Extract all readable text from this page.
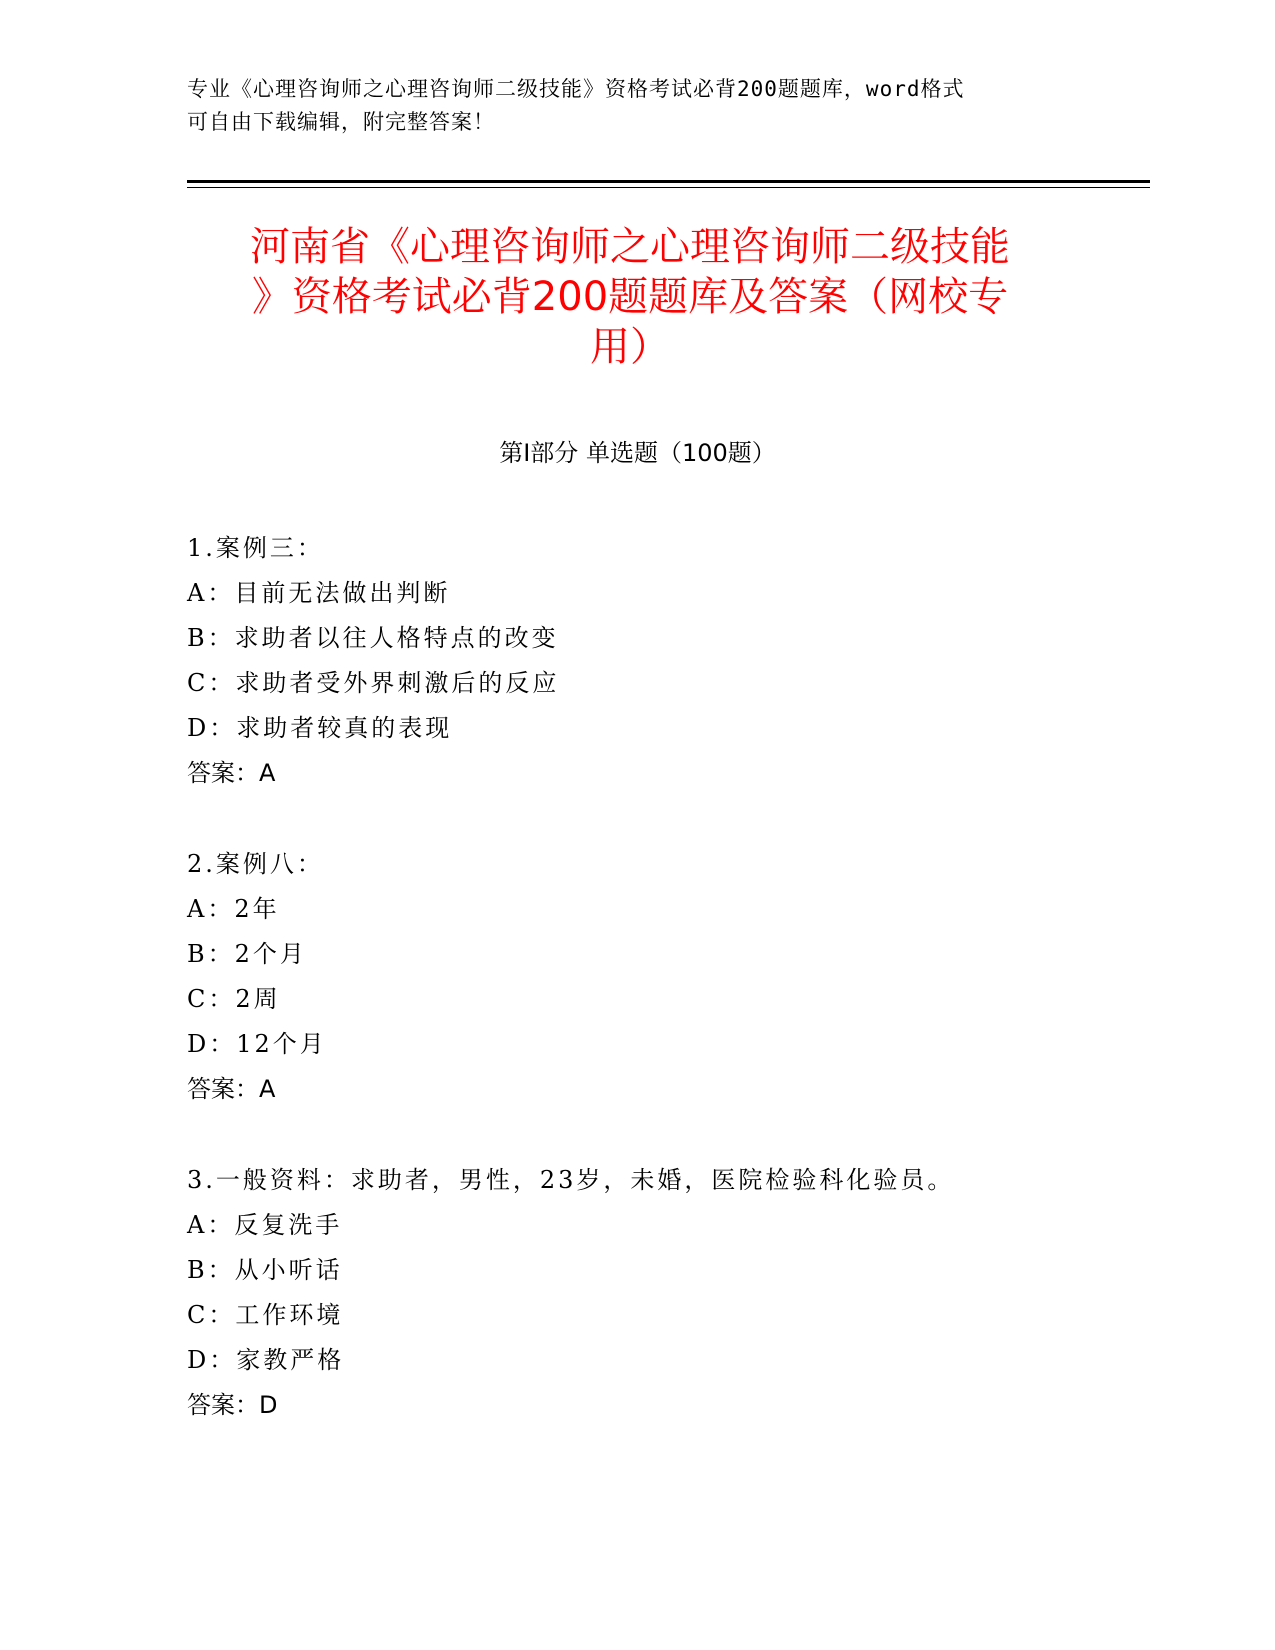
专业《心理咨询师之心理咨询师二级技能》资格考试必背200题题库，word格式
可自由下载编辑，附完整答案！
河南省《心理咨询师之心理咨询师二级技能
》资格考试必背200题题库及答案（网校专
用）
第Ⅰ部分 单选题（100题）
1.案例三：
A：目前无法做出判断
B：求助者以往人格特点的改变
C：求助者受外界刺激后的反应
D：求助者较真的表现
答案：A
2.案例八：
A：2年
B：2个月
C：2周
D：12个月
答案：A
3.一般资料：求助者，男性，23岁，未婚，医院检验科化验员。
A：反复洗手
B：从小听话
C：工作环境
D：家教严格
答案：D
